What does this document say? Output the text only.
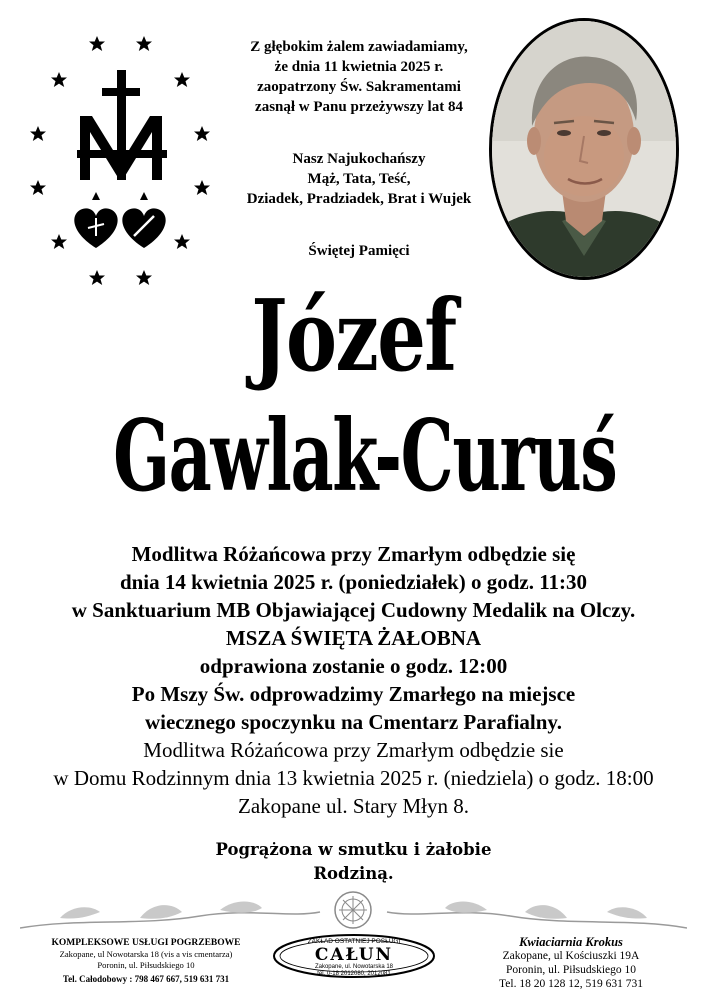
Z głębokim żalem zawiadamiamy,

że dnia 11 kwietnia 2025 r.

zaopatrzony Św. Sakramentami

zasnął w Panu przeżywszy lat 84

Nasz Najukochańszy

Mąż, Tata, Teść,

Dziadek, Pradziadek, Brat i Wujek

Świętej Pamięci
Józef
Gawlak-Curuś

Modlitwa Różańcowa przy Zmarłym odbędzie się

dnia 14 kwietnia 2025 r. (poniedziałek) o godz. 11:30

w Sanktuarium MB Objawiającej Cudowny Medalik na Olczy.

MSZA ŚWIĘTA ŻAŁOBNA

odprawiona zostanie o godz. 12:00

Po Mszy Św. odprowadzimy Zmarłego na miejsce

wiecznego spoczynku na Cmentarz Parafialny.

Modlitwa Różańcowa przy Zmarłym odbędzie sie

w Domu Rodzinnym dnia 13 kwietnia 2025 r. (niedziela) o godz. 18:00

Zakopane ul. Stary Młyn 8.

Pogrążona w smutku i żałobie

Rodziną.

KOMPLEKSOWE USŁUGI POGRZEBOWE

Zakopane, ul Nowotarska 18 (vis a vis cmentarza)

Poronin, ul. Piłsudskiego 10

Tel. Całodobowy : 798 467 667, 519 631 731

ZAKŁAD OSTATNIEJ POSŁUGI
CAŁUN
Zakopane, ul. Nowotarska 18
tel. 0-18 2012080, 2012081

Kwiaciarnia Krokus

Zakopane, ul Kościuszki 19A

Poronin, ul. Piłsudskiego 10

Tel. 18 20 128 12, 519 631 731
